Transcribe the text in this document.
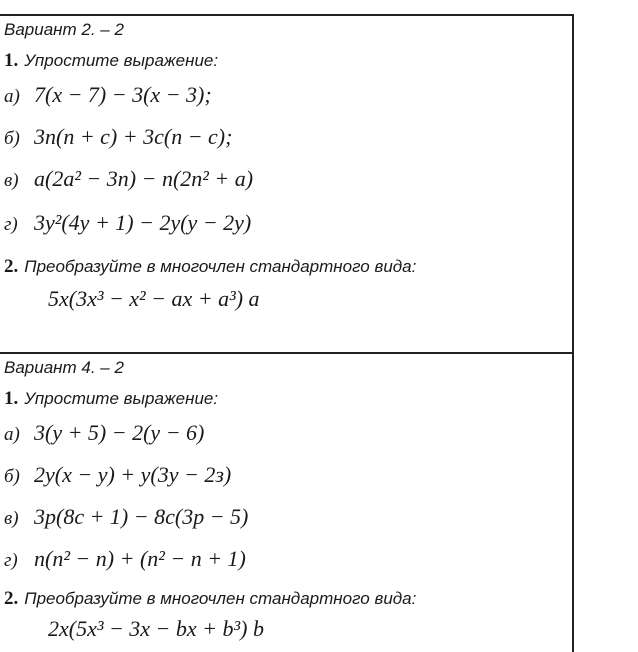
Вариант 2. – 2
1. Упростите выражение:
а) 7(x − 7) − 3(x − 3);
б) 3n(n + c) + 3c(n − c);
в) a(2a² − 3n) − n(2n² + a)
г) 3y²(4y + 1) − 2y(y − 2y)
2. Преобразуйте в многочлен стандартного вида:
5x(3x³ − x² − ax + a³) a
Вариант 4. – 2
1. Упростите выражение:
а) 3(y + 5) − 2(y − 6)
б) 2y(x − y) + y(3y − 2з)
в) 3p(8c + 1) − 8c(3p − 5)
г) n(n² − n) + (n² − n + 1)
2. Преобразуйте в многочлен стандартного вида:
2x(5x³ − 3x − bx + b³) b
